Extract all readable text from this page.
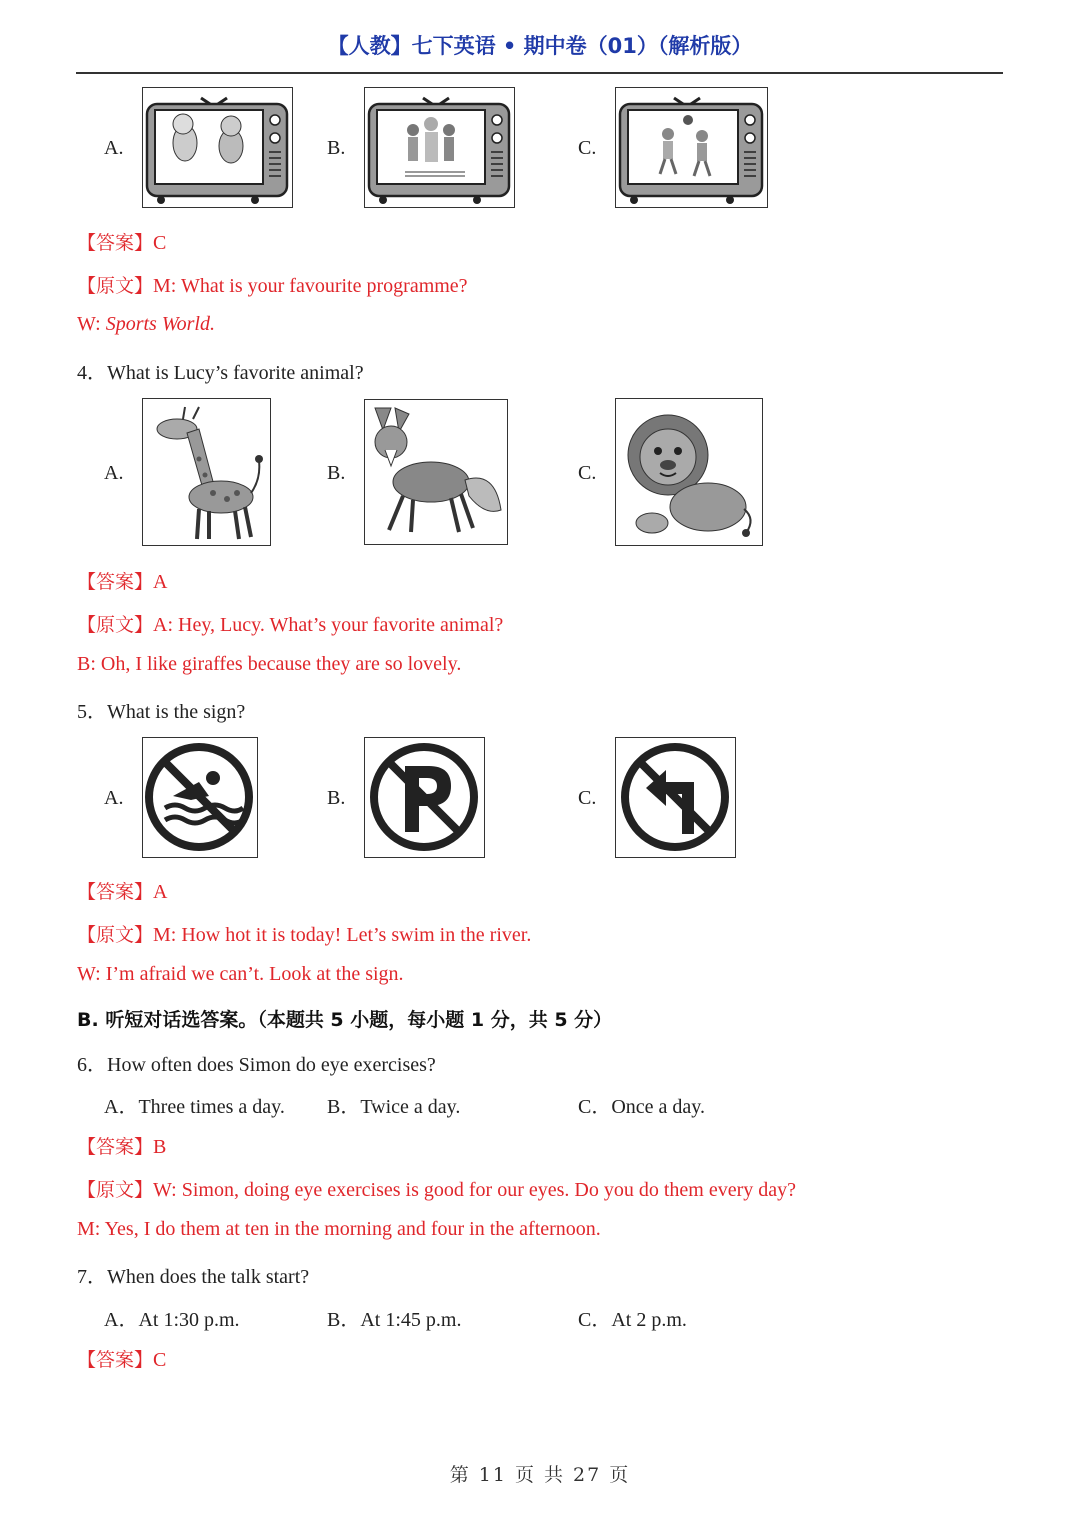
【人教】七下英语 • 期中卷（01）（解析版）
A.	B.	C.
【答案】C
【原文】M: What is your favourite programme?
W: Sports World.
4．What is Lucy’s favorite animal?
A.	B.	C.
【答案】A
【原文】A: Hey, Lucy. What’s your favorite animal?
B: Oh, I like giraffes because they are so lovely.
5．What is the sign?
A.	B.	C.
【答案】A
【原文】M: How hot it is today! Let’s swim in the river.
W: I’m afraid we can’t. Look at the sign.
B. 听短对话选答案。（本题共 5 小题，每小题 1 分，共 5 分）
6．How often does Simon do eye exercises?
A．Three times a day. B．Twice a day.	C．Once a day.
【答案】B
【原文】W: Simon, doing eye exercises is good for our eyes. Do you do them every day?
M: Yes, I do them at ten in the morning and four in the afternoon.
7．When does the talk start?
A．At 1:30 p.m.	B．At 1:45 p.m.	C．At 2 p.m.
【答案】C
第 11 页 共 27 页
